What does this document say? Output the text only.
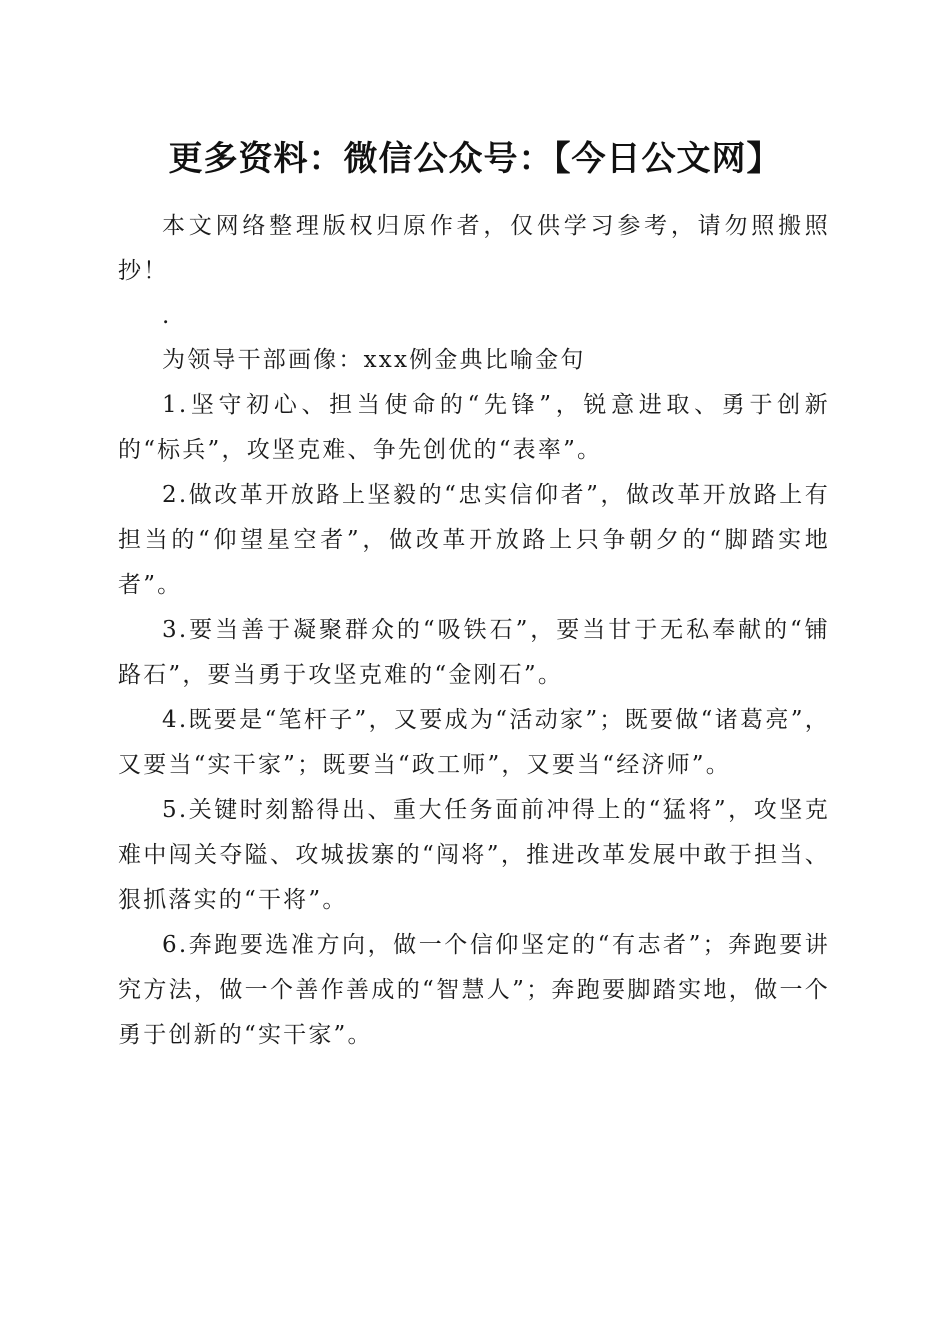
更多资料：微信公众号：【今日公文网】

本文网络整理版权归原作者，仅供学习参考，请勿照搬照抄！

.

为领导干部画像：xxx例金典比喻金句

1.坚守初心、担当使命的“先锋”，锐意进取、勇于创新的“标兵”，攻坚克难、争先创优的“表率”。

2.做改革开放路上坚毅的“忠实信仰者”，做改革开放路上有担当的“仰望星空者”，做改革开放路上只争朝夕的“脚踏实地者”。

3.要当善于凝聚群众的“吸铁石”，要当甘于无私奉献的“铺路石”，要当勇于攻坚克难的“金刚石”。

4.既要是“笔杆子”，又要成为“活动家”；既要做“诸葛亮”，又要当“实干家”；既要当“政工师”，又要当“经济师”。

5.关键时刻豁得出、重大任务面前冲得上的“猛将”，攻坚克难中闯关夺隘、攻城拔寨的“闯将”，推进改革发展中敢于担当、狠抓落实的“干将”。

6.奔跑要选准方向，做一个信仰坚定的“有志者”；奔跑要讲究方法，做一个善作善成的“智慧人”；奔跑要脚踏实地，做一个勇于创新的“实干家”。
